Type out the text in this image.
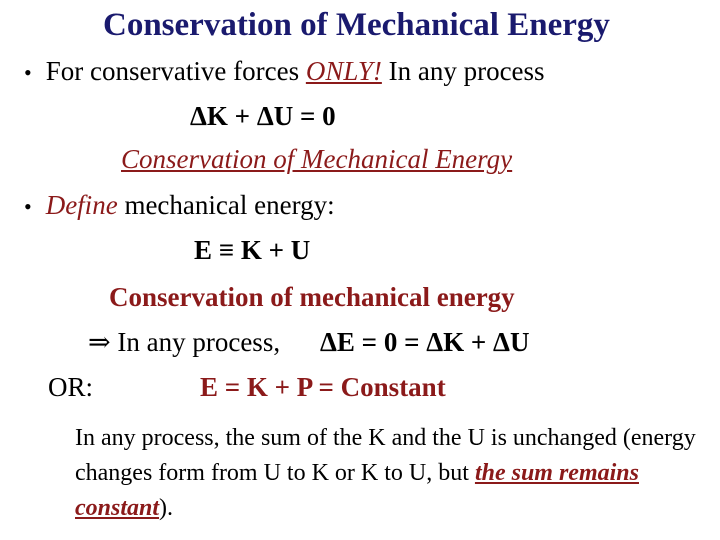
Conservation of Mechanical Energy
• For conservative forces ONLY! In any process
ΔK + ΔU = 0
Conservation of Mechanical Energy
• Define mechanical energy:
E ≡ K + U
Conservation of mechanical energy
⇒ In any process, ΔE = 0 = ΔK + ΔU
OR:	E = K + P = Constant
In any process, the sum of the K and the U is unchanged (energy changes form from U to K or K to U, but the sum remains constant).
